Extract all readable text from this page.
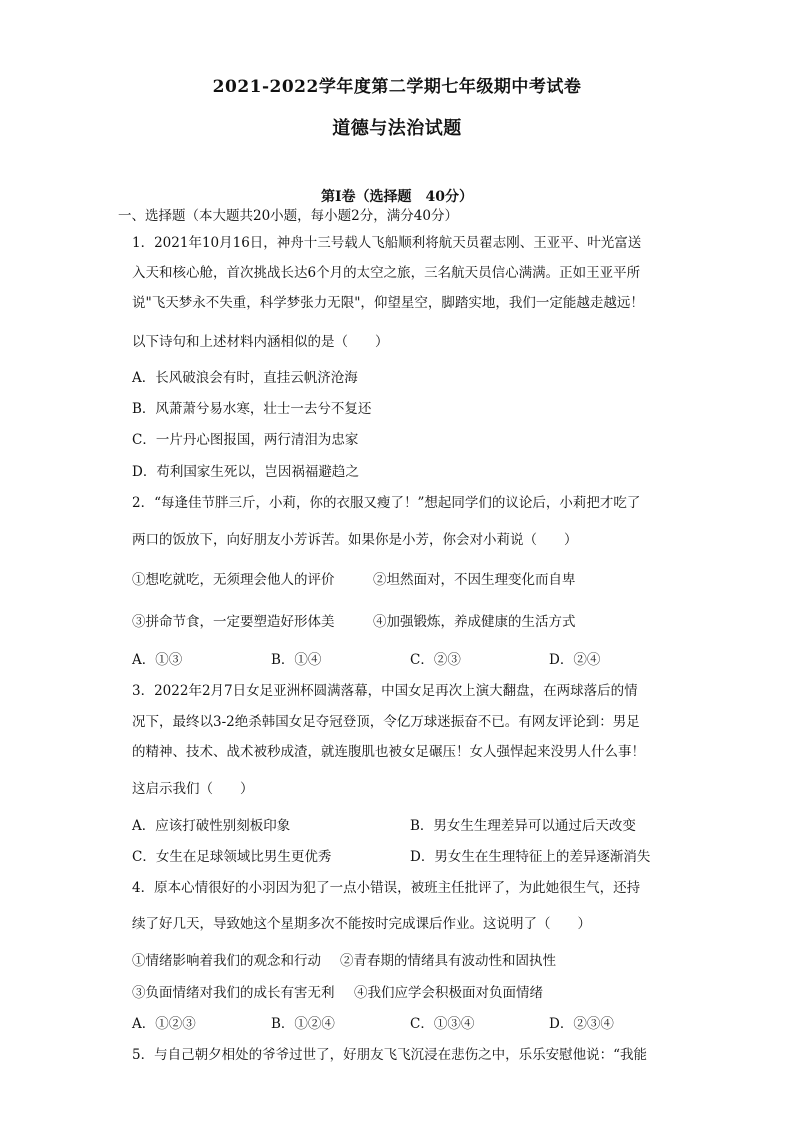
2021-2022学年度第二学期七年级期中考试卷
道德与法治试题
第Ⅰ卷（选择题　40分）
一、选择题（本大题共20小题，每小题2分，满分40分）
1．2021年10月16日，神舟十三号载人飞船顺利将航天员翟志刚、王亚平、叶光富送
入天和核心舱，首次挑战长达6个月的太空之旅，三名航天员信心满满。正如王亚平所
说"飞天梦永不失重，科学梦张力无限"，仰望星空，脚踏实地，我们一定能越走越远！
以下诗句和上述材料内涵相似的是（　　）
A．长风破浪会有时，直挂云帆济沧海
B．风萧萧兮易水寒，壮士一去兮不复还
C．一片丹心图报国，两行清泪为忠家
D．苟利国家生死以，岂因祸福避趋之
2．“每逢佳节胖三斤，小莉，你的衣服又瘦了！”想起同学们的议论后，小莉把才吃了
两口的饭放下，向好朋友小芳诉苦。如果你是小芳，你会对小莉说（　　）
①想吃就吃，无须理会他人的评价	②坦然面对，不因生理变化而自卑
③拼命节食，一定要塑造好形体美	④加强锻炼，养成健康的生活方式
A．①③	B．①④	C．②③	D．②④
3．2022年2月7日女足亚洲杯圆满落幕，中国女足再次上演大翻盘，在两球落后的情
况下，最终以3-2绝杀韩国女足夺冠登顶，令亿万球迷振奋不已。有网友评论到：男足
的精神、技术、战术被秒成渣，就连腹肌也被女足碾压！女人强悍起来没男人什么事！
这启示我们（　　）
A．应该打破性别刻板印象	B．男女生生理差异可以通过后天改变
C．女生在足球领域比男生更优秀	D．男女生在生理特征上的差异逐渐消失
4．原本心情很好的小羽因为犯了一点小错误，被班主任批评了，为此她很生气，还持
续了好几天，导致她这个星期多次不能按时完成课后作业。这说明了（　　）
①情绪影响着我们的观念和行动 ②青春期的情绪具有波动性和固执性
③负面情绪对我们的成长有害无利 ④我们应学会积极面对负面情绪
A．①②③	B．①②④	C．①③④	D．②③④
5．与自己朝夕相处的爷爷过世了，好朋友飞飞沉浸在悲伤之中，乐乐安慰他说：“我能
